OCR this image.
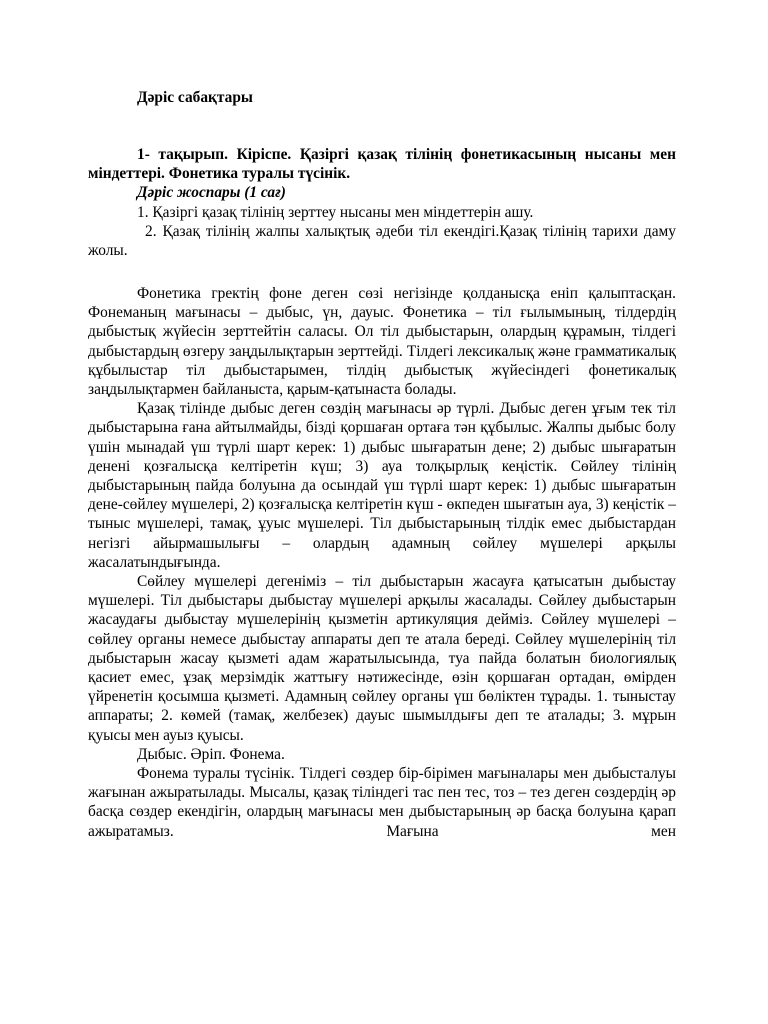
Дәріс сабақтары
1- тақырып. Кіріспе. Қазіргі қазақ тілінің фонетикасының нысаны мен міндеттері. Фонетика туралы түсінік.
Дәріс жоспары (1 сағ)
1. Қазіргі қазақ тілінің зерттеу нысаны мен міндеттерін ашу.
2. Қазақ тілінің жалпы халықтық әдеби тіл екендігі.Қазақ тілінің тарихи даму жолы.

Фонетика гректің фоне деген сөзі негізінде қолданысқа еніп қалыптасқан. Фонеманың мағынасы – дыбыс, үн, дауыс. Фонетика – тіл ғылымының, тілдердің дыбыстық жүйесін зерттейтін саласы. Ол тіл дыбыстарын, олардың құрамын, тілдегі дыбыстардың өзгеру заңдылықтарын зерттейді. Тілдегі лексикалық және грамматикалық құбылыстар тіл дыбыстарымен, тілдің дыбыстық жүйесіндегі фонетикалық заңдылықтармен байланыста, қарым-қатынаста болады.

Қазақ тілінде дыбыс деген сөздің мағынасы әр түрлі. Дыбыс деген ұғым тек тіл дыбыстарына ғана айтылмайды, бізді қоршаған ортаға тән құбылыс. Жалпы дыбыс болу үшін мынадай үш түрлі шарт керек: 1) дыбыс шығаратын дене; 2) дыбыс шығаратын денені қозғалысқа келтіретін күш; 3) ауа толқырлық кеңістік. Сөйлеу тілінің дыбыстарының пайда болуына да осындай үш түрлі шарт керек: 1) дыбыс шығаратын дене-сөйлеу мүшелері, 2) қозғалысқа келтіретін күш - өкпеден шығатын ауа, 3) кеңістік – тыныс мүшелері, тамақ, ұуыс мүшелері. Тіл дыбыстарының тілдік емес дыбыстардан негізгі айырмашылығы – олардың адамның сөйлеу мүшелері арқылы жасалатындығында.

Сөйлеу мүшелері дегеніміз – тіл дыбыстарын жасауға қатысатын дыбыстау мүшелері. Тіл дыбыстары дыбыстау мүшелері арқылы жасалады. Сөйлеу дыбыстарын жасаудағы дыбыстау мүшелерінің қызметін артикуляция дейміз. Сөйлеу мүшелері – сөйлеу органы немесе дыбыстау аппараты деп те атала береді. Сөйлеу мүшелерінің тіл дыбыстарын жасау қызметі адам жаратылысында, туа пайда болатын биологиялық қасиет емес, ұзақ мерзімдік жаттығу нәтижесінде, өзін қоршаған ортадан, өмірден үйренетін қосымша қызметі. Адамның сөйлеу органы үш бөліктен тұрады. 1. тыныстау аппараты; 2. көмей (тамақ, желбезек) дауыс шымылдығы деп те аталады; 3. мұрын қуысы мен ауыз қуысы.

Дыбыс. Әріп. Фонема.

Фонема туралы түсінік. Тілдегі сөздер бір-бірімен мағыналары мен дыбысталуы жағынан ажыратылады. Мысалы, қазақ тіліндегі тас пен тес, тоз – тез деген сөздердің әр басқа сөздер екендігін, олардың мағынасы мен дыбыстарының әр басқа болуына қарап ажыратамыз. Мағына мен
